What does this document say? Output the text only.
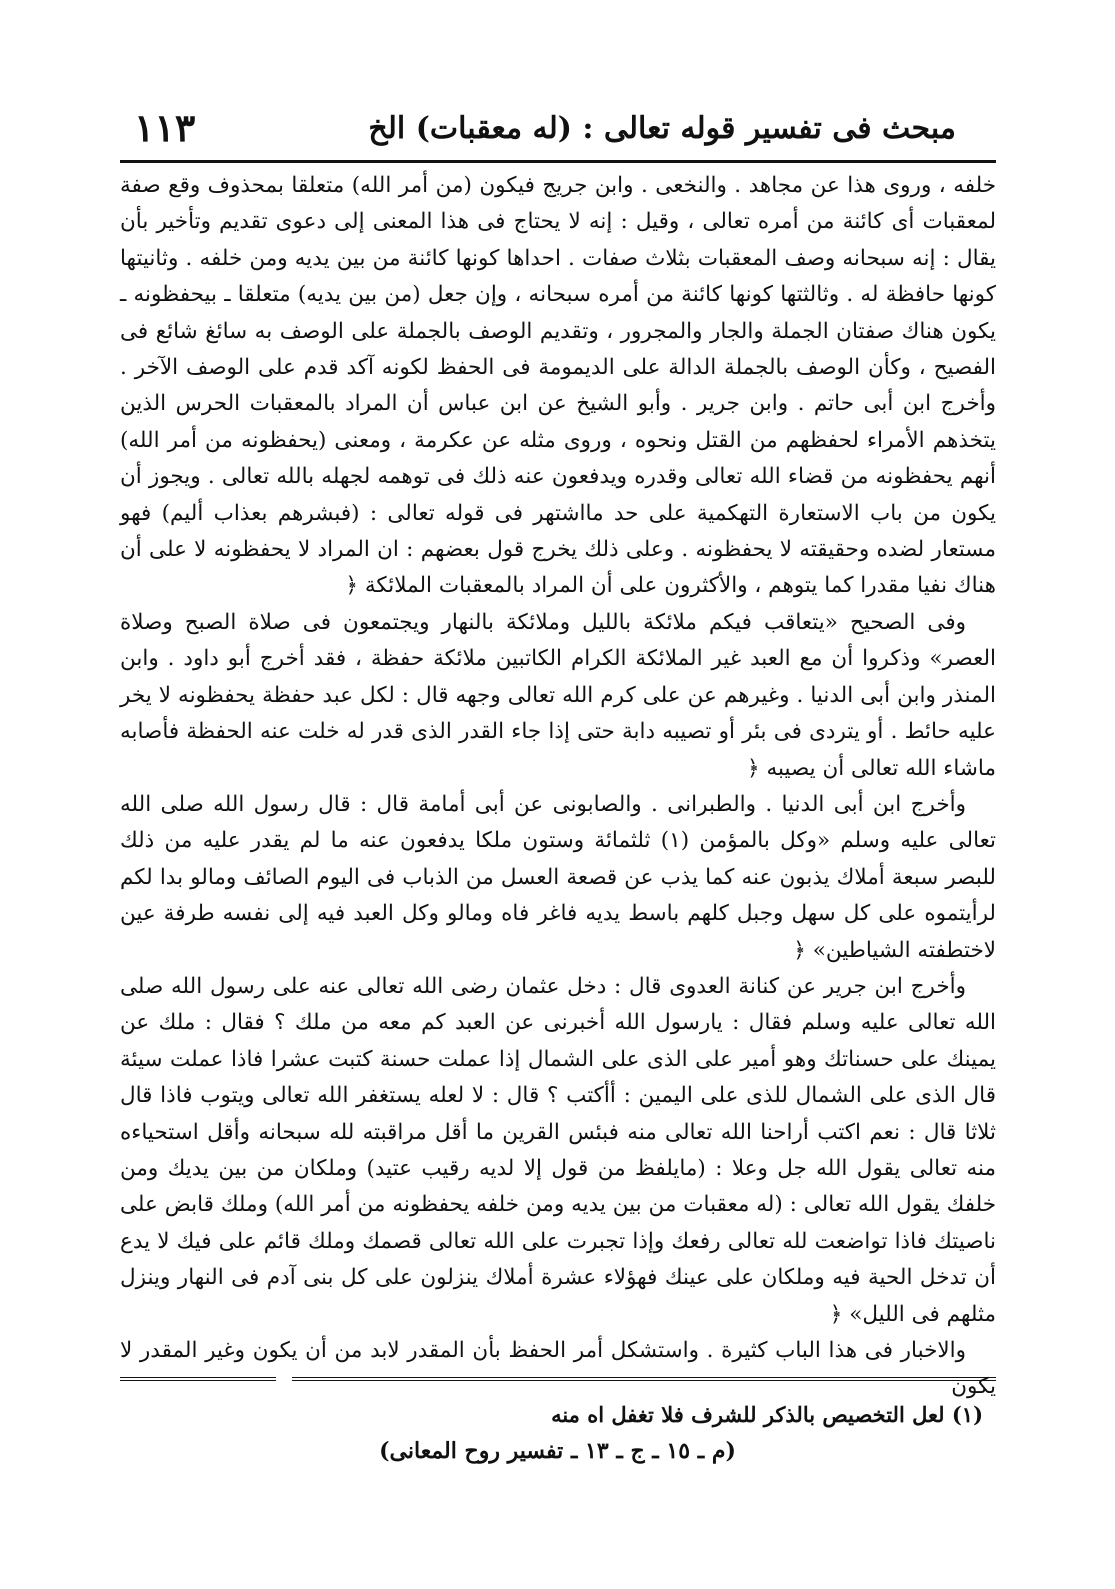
مبحث فى تفسير قوله تعالى : (له معقبات) الخ
١١٣

خلفه ، وروى هذا عن مجاهد . والنخعى . وابن جريج فيكون (من أمر الله) متعلقا بمحذوف وقع صفة لمعقبات أى كائنة من أمره تعالى ، وقيل : إنه لا يحتاج فى هذا المعنى إلى دعوى تقديم وتأخير بأن يقال : إنه سبحانه وصف المعقبات بثلاث صفات . احداها كونها كائنة من بين يديه ومن خلفه . وثانيتها كونها حافظة له . وثالثتها كونها كائنة من أمره سبحانه ، وإن جعل (من بين يديه) متعلقا ـ بيحفظونه ـ يكون هناك صفتان الجملة والجار والمجرور ، وتقديم الوصف بالجملة على الوصف به سائغ شائع فى الفصيح ، وكأن الوصف بالجملة الدالة على الديمومة فى الحفظ لكونه آكد قدم على الوصف الآخر . وأخرج ابن أبى حاتم . وابن جرير . وأبو الشيخ عن ابن عباس أن المراد بالمعقبات الحرس الذين يتخذهم الأمراء لحفظهم من القتل ونحوه ، وروى مثله عن عكرمة ، ومعنى (يحفظونه من أمر الله) أنهم يحفظونه من قضاء الله تعالى وقدره ويدفعون عنه ذلك فى توهمه لجهله بالله تعالى . ويجوز أن يكون من باب الاستعارة التهكمية على حد مااشتهر فى قوله تعالى : (فبشرهم بعذاب أليم) فهو مستعار لضده وحقيقته لا يحفظونه . وعلى ذلك يخرج قول بعضهم : ان المراد لا يحفظونه لا على أن هناك نفيا مقدرا كما يتوهم ، والأكثرون على أن المراد بالمعقبات الملائكة ﴿

وفى الصحيح «يتعاقب فيكم ملائكة بالليل وملائكة بالنهار ويجتمعون فى صلاة الصبح وصلاة العصر» وذكروا أن مع العبد غير الملائكة الكرام الكاتبين ملائكة حفظة ، فقد أخرج أبو داود . وابن المنذر وابن أبى الدنيا . وغيرهم عن على كرم الله تعالى وجهه قال : لكل عبد حفظة يحفظونه لا يخر عليه حائط . أو يتردى فى بئر أو تصيبه دابة حتى إذا جاء القدر الذى قدر له خلت عنه الحفظة فأصابه ماشاء الله تعالى أن يصيبه ﴿

وأخرج ابن أبى الدنيا . والطبرانى . والصابونى عن أبى أمامة قال : قال رسول الله صلى الله تعالى عليه وسلم «وكل بالمؤمن (١) ثلثمائة وستون ملكا يدفعون عنه ما لم يقدر عليه من ذلك للبصر سبعة أملاك يذبون عنه كما يذب عن قصعة العسل من الذباب فى اليوم الصائف ومالو بدا لكم لرأيتموه على كل سهل وجبل كلهم باسط يديه فاغر فاه ومالو وكل العبد فيه إلى نفسه طرفة عين لاختطفته الشياطين» ﴿

وأخرج ابن جرير عن كنانة العدوى قال : دخل عثمان رضى الله تعالى عنه على رسول الله صلى الله تعالى عليه وسلم فقال : يارسول الله أخبرنى عن العبد كم معه من ملك ؟ فقال : ملك عن يمينك على حسناتك وهو أمير على الذى على الشمال إذا عملت حسنة كتبت عشرا فاذا عملت سيئة قال الذى على الشمال للذى على اليمين : أأكتب ؟ قال : لا لعله يستغفر الله تعالى ويتوب فاذا قال ثلاثا قال : نعم اكتب أراحنا الله تعالى منه فبئس القرين ما أقل مراقبته لله سبحانه وأقل استحياءه منه تعالى يقول الله جل وعلا : (مايلفظ من قول إلا لديه رقيب عتيد) وملكان من بين يديك ومن خلفك يقول الله تعالى : (له معقبات من بين يديه ومن خلفه يحفظونه من أمر الله) وملك قابض على ناصيتك فاذا تواضعت لله تعالى رفعك وإذا تجبرت على الله تعالى قصمك وملك قائم على فيك لا يدع أن تدخل الحية فيه وملكان على عينك فهؤلاء عشرة أملاك ينزلون على كل بنى آدم فى النهار وينزل مثلهم فى الليل» ﴿

والاخبار فى هذا الباب كثيرة . واستشكل أمر الحفظ بأن المقدر لابد من أن يكون وغير المقدر لا يكون

(١) لعل التخصيص بالذكر للشرف فلا تغفل اه منه
(م ـ ١٥ ـ ج ـ ١٣ ـ تفسير روح المعانى)
